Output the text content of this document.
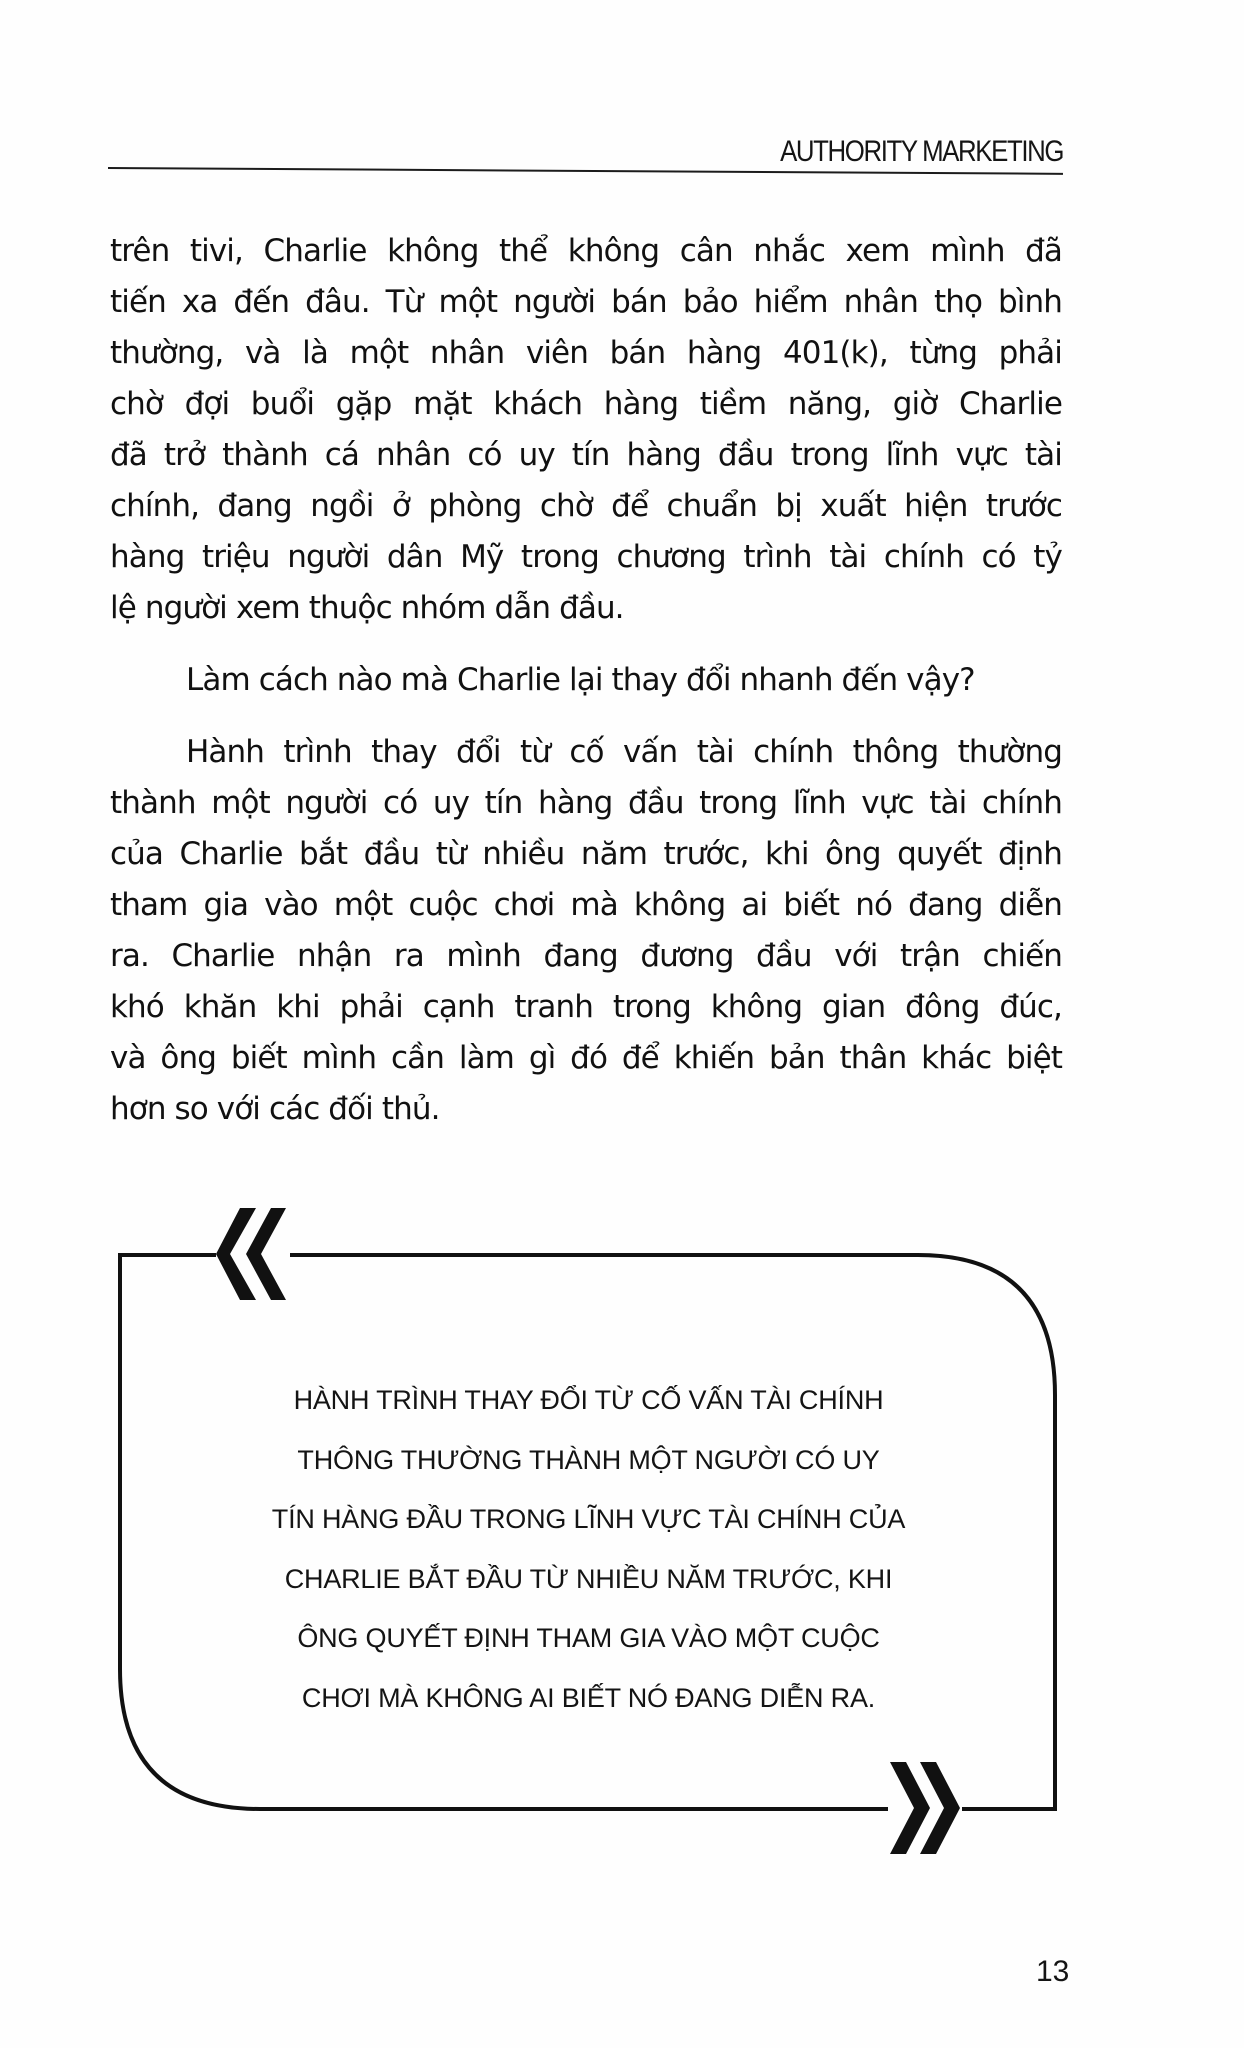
AUTHORITY MARKETING
trên tivi, Charlie không thể không cân nhắc xem mình đã
tiến xa đến đâu. Từ một người bán bảo hiểm nhân thọ bình
thường, và là một nhân viên bán hàng 401(k), từng phải
chờ đợi buổi gặp mặt khách hàng tiềm năng, giờ Charlie
đã trở thành cá nhân có uy tín hàng đầu trong lĩnh vực tài
chính, đang ngồi ở phòng chờ để chuẩn bị xuất hiện trước
hàng triệu người dân Mỹ trong chương trình tài chính có tỷ
lệ người xem thuộc nhóm dẫn đầu.
Làm cách nào mà Charlie lại thay đổi nhanh đến vậy?
Hành trình thay đổi từ cố vấn tài chính thông thường
thành một người có uy tín hàng đầu trong lĩnh vực tài chính
của Charlie bắt đầu từ nhiều năm trước, khi ông quyết định
tham gia vào một cuộc chơi mà không ai biết nó đang diễn
ra. Charlie nhận ra mình đang đương đầu với trận chiến
khó khăn khi phải cạnh tranh trong không gian đông đúc,
và ông biết mình cần làm gì đó để khiến bản thân khác biệt
hơn so với các đối thủ.
HÀNH TRÌNH THAY ĐỔI TỪ CỐ VẤN TÀI CHÍNH
THÔNG THƯỜNG THÀNH MỘT NGƯỜI CÓ UY
TÍN HÀNG ĐẦU TRONG LĨNH VỰC TÀI CHÍNH CỦA
CHARLIE BẮT ĐẦU TỪ NHIỀU NĂM TRƯỚC, KHI
ÔNG QUYẾT ĐỊNH THAM GIA VÀO MỘT CUỘC
CHƠI MÀ KHÔNG AI BIẾT NÓ ĐANG DIỄN RA.
13
